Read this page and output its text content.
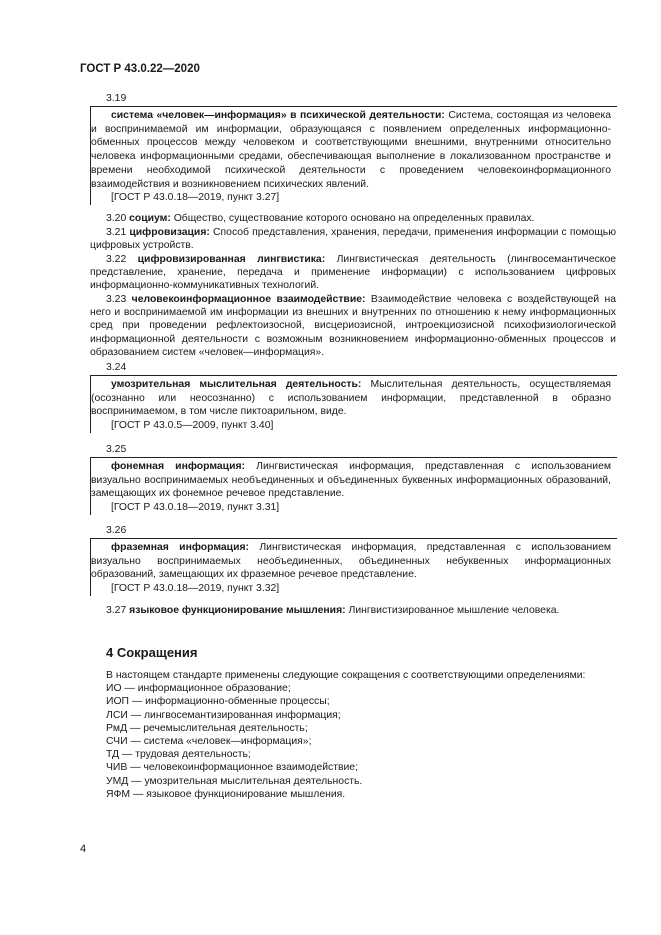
ГОСТ Р 43.0.22—2020
3.19

система «человек—информация» в психической деятельности: Система, состоящая из человека и воспринимаемой им информации, образующаяся с появлением определенных информационно-обменных процессов между человеком и соответствующими внешними, внутренними относительно человека информационными средами, обеспечивающая выполнение в локализованном пространстве и времени необходимой психической деятельности с проведением человекоинформационного взаимодействия и возникновением психических явлений.

[ГОСТ Р 43.0.18—2019, пункт 3.27]

3.20 социум: Общество, существование которого основано на определенных правилах.
3.21 цифровизация: Способ представления, хранения, передачи, применения информации с помощью цифровых устройств.
3.22 цифровизированная лингвистика: Лингвистическая деятельность (лингвосемантическое представление, хранение, передача и применение информации) с использованием цифровых информационно-коммуникативных технологий.
3.23 человекоинформационное взаимодействие: Взаимодействие человека с воздействующей на него и воспринимаемой им информации из внешних и внутренних по отношению к нему информационных сред при проведении рефлектоизосной, висцериозисной, интроекциозисной психофизиологической информационной деятельности с возможным возникновением информационно-обменных процессов и образованием систем «человек—информация».
3.24

умозрительная мыслительная деятельность: Мыслительная деятельность, осуществляемая (осознанно или неосознанно) с использованием информации, представленной в образно воспринимаемом, в том числе пиктоарильном, виде.

[ГОСТ Р 43.0.5—2009, пункт 3.40]

3.25

фонемная информация: Лингвистическая информация, представленная с использованием визуально воспринимаемых необъединенных и объединенных буквенных информационных образований, замещающих их фонемное речевое представление.

[ГОСТ Р 43.0.18—2019, пункт 3.31]

3.26

фраземная информация: Лингвистическая информация, представленная с использованием визуально воспринимаемых необъединенных, объединенных небуквенных информационных образований, замещающих их фраземное речевое представление.

[ГОСТ Р 43.0.18—2019, пункт 3.32]

3.27 языковое функционирование мышления: Лингвистизированное мышление человека.
4 Сокращения
В настоящем стандарте применены следующие сокращения с соответствующими определениями:
ИО — информационное образование;
ИОП — информационно-обменные процессы;
ЛСИ — лингвосемантизированная информация;
РмД — речемыслительная деятельность;
СЧИ — система «человек—информация»;
ТД — трудовая деятельность;
ЧИВ — человекоинформационное взаимодействие;
УМД — умозрительная мыслительная деятельность.
ЯФМ — языковое функционирование мышления.
4
